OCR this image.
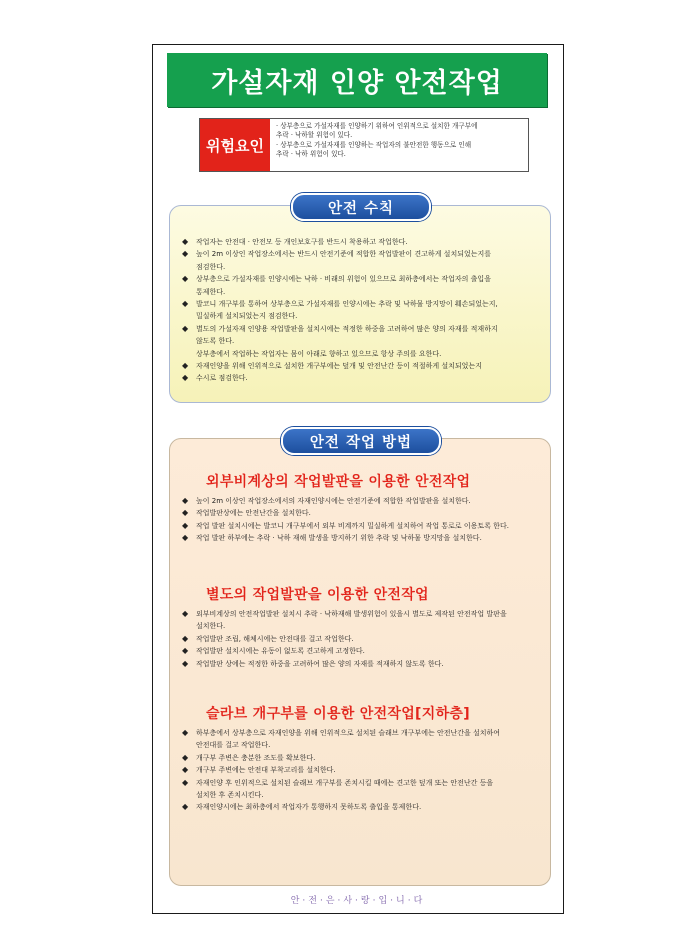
가설자재 인양 안전작업
위험요인
· 상부층으로 가설자재를 인양하기 위하여 인위적으로 설치한 개구부에
추락 · 낙하할 위험이 있다.
· 상부층으로 가설자재를 인양하는 작업자의 불안전한 행동으로 인해
추락 · 낙하 위험이 있다.
안전 수칙
◆ 작업자는 안전대 · 안전모 등 개인보호구를 반드시 착용하고 작업한다.
◆ 높이 2m 이상인 작업장소에서는 반드시 안전기준에 적합한 작업발판이 견고하게 설치되었는지를
점검한다.
◆ 상부층으로 가설자재를 인양시에는 낙하 · 비래의 위험이 있으므로 최하층에서는 작업자의 출입을
통제한다.
◆ 발코니 개구부를 통하여 상부층으로 가설자재를 인양시에는 추락 및 낙하물 방지망이 훼손되었는지,
밀실하게 설치되었는지 점검한다.
◆ 별도의 가설자재 인양용 작업발판을 설치시에는 적정한 하중을 고려하여 많은 양의 자재를 적재하지
않도록 한다.
상부층에서 작업하는 작업자는 몸이 아래로 향하고 있으므로 항상 주의를 요한다.
◆ 자재인양을 위해 인위적으로 설치한 개구부에는 덮개 및 안전난간 등이 적절하게 설치되었는지
◆ 수시로 점검한다.
안전 작업 방법
외부비계상의 작업발판을 이용한 안전작업
◆ 높이 2m 이상인 작업장소에서의 자재인양시에는 안전기준에 적합한 작업발판을 설치한다.
◆ 작업발판상에는 안전난간을 설치한다.
◆ 작업 발판 설치시에는 발코니 개구부에서 외부 비계까지 밀실하게 설치하여 작업 통로로 이용토록 한다.
◆ 작업 발판 하부에는 추락 · 낙하 재해 발생을 방지하기 위한 추락 및 낙하물 방지망을 설치한다.
별도의 작업발판을 이용한 안전작업
◆ 외부비계상의 안전작업발판 설치시 추락 · 낙하재해 발생위험이 있을시 별도로 제작된 안전작업 발판을
설치한다.
◆ 작업발판 조립, 해체시에는 안전대를 걸고 작업한다.
◆ 작업발판 설치시에는 유동이 없도록 견고하게 고정한다.
◆ 작업발판 상에는 적정한 하중을 고려하여 많은 양의 자재를 적재하지 않도록 한다.
슬라브 개구부를 이용한 안전작업[지하층]
◆ 하부층에서 상부층으로 자재인양을 위해 인위적으로 설치된 슬래브 개구부에는 안전난간을 설치하여
안전대를 걸고 작업한다.
◆ 개구부 주변은 충분한 조도를 확보한다.
◆ 개구부 주변에는 안전대 부착고리를 설치한다.
◆ 자재인양 후 인위적으로 설치된 슬래브 개구부를 존치시킬 때에는 견고한 덮개 또는 안전난간 등을
설치한 후 존치시킨다.
◆ 자재인양시에는 최하층에서 작업자가 통행하지 못하도록 출입을 통제한다.
안·전·은·사·랑·입·니·다
